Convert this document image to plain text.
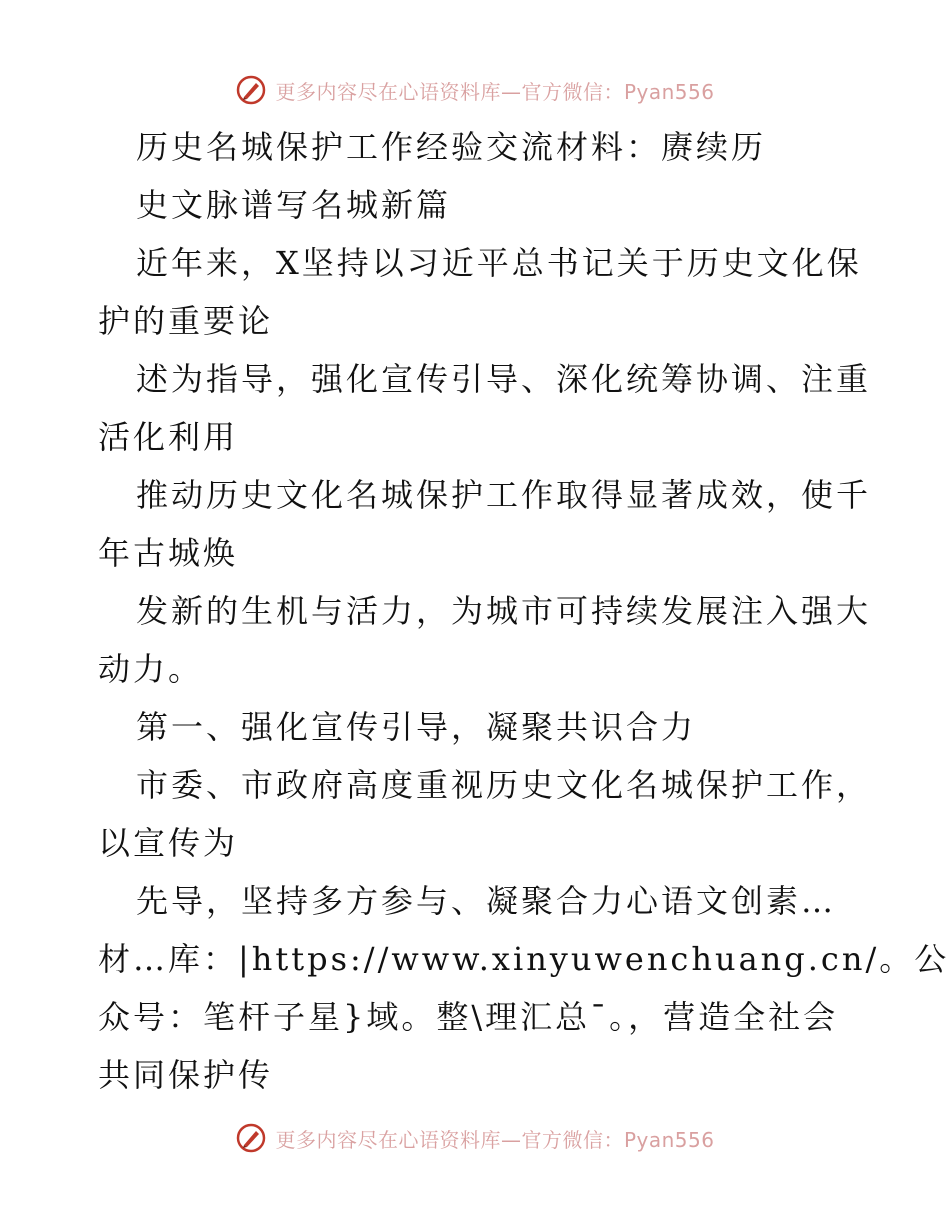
更多内容尽在心语资料库—官方微信：Pyan556
历史名城保护工作经验交流材料：赓续历
史文脉谱写名城新篇
近年来，X坚持以习近平总书记关于历史文化保
护的重要论
述为指导，强化宣传引导、深化统筹协调、注重
活化利用
推动历史文化名城保护工作取得显著成效，使千
年古城焕
发新的生机与活力，为城市可持续发展注入强大
动力。
第一、强化宣传引导，凝聚共识合力
市委、市政府高度重视历史文化名城保护工作，
以宣传为
先导，坚持多方参与、凝聚合力心语文创素…
材…库：|https://www.xinyuwenchuang.cn/。公
众号：笔杆子星}域。整\理汇总¯。，营造全社会
共同保护传
更多内容尽在心语资料库—官方微信：Pyan556
